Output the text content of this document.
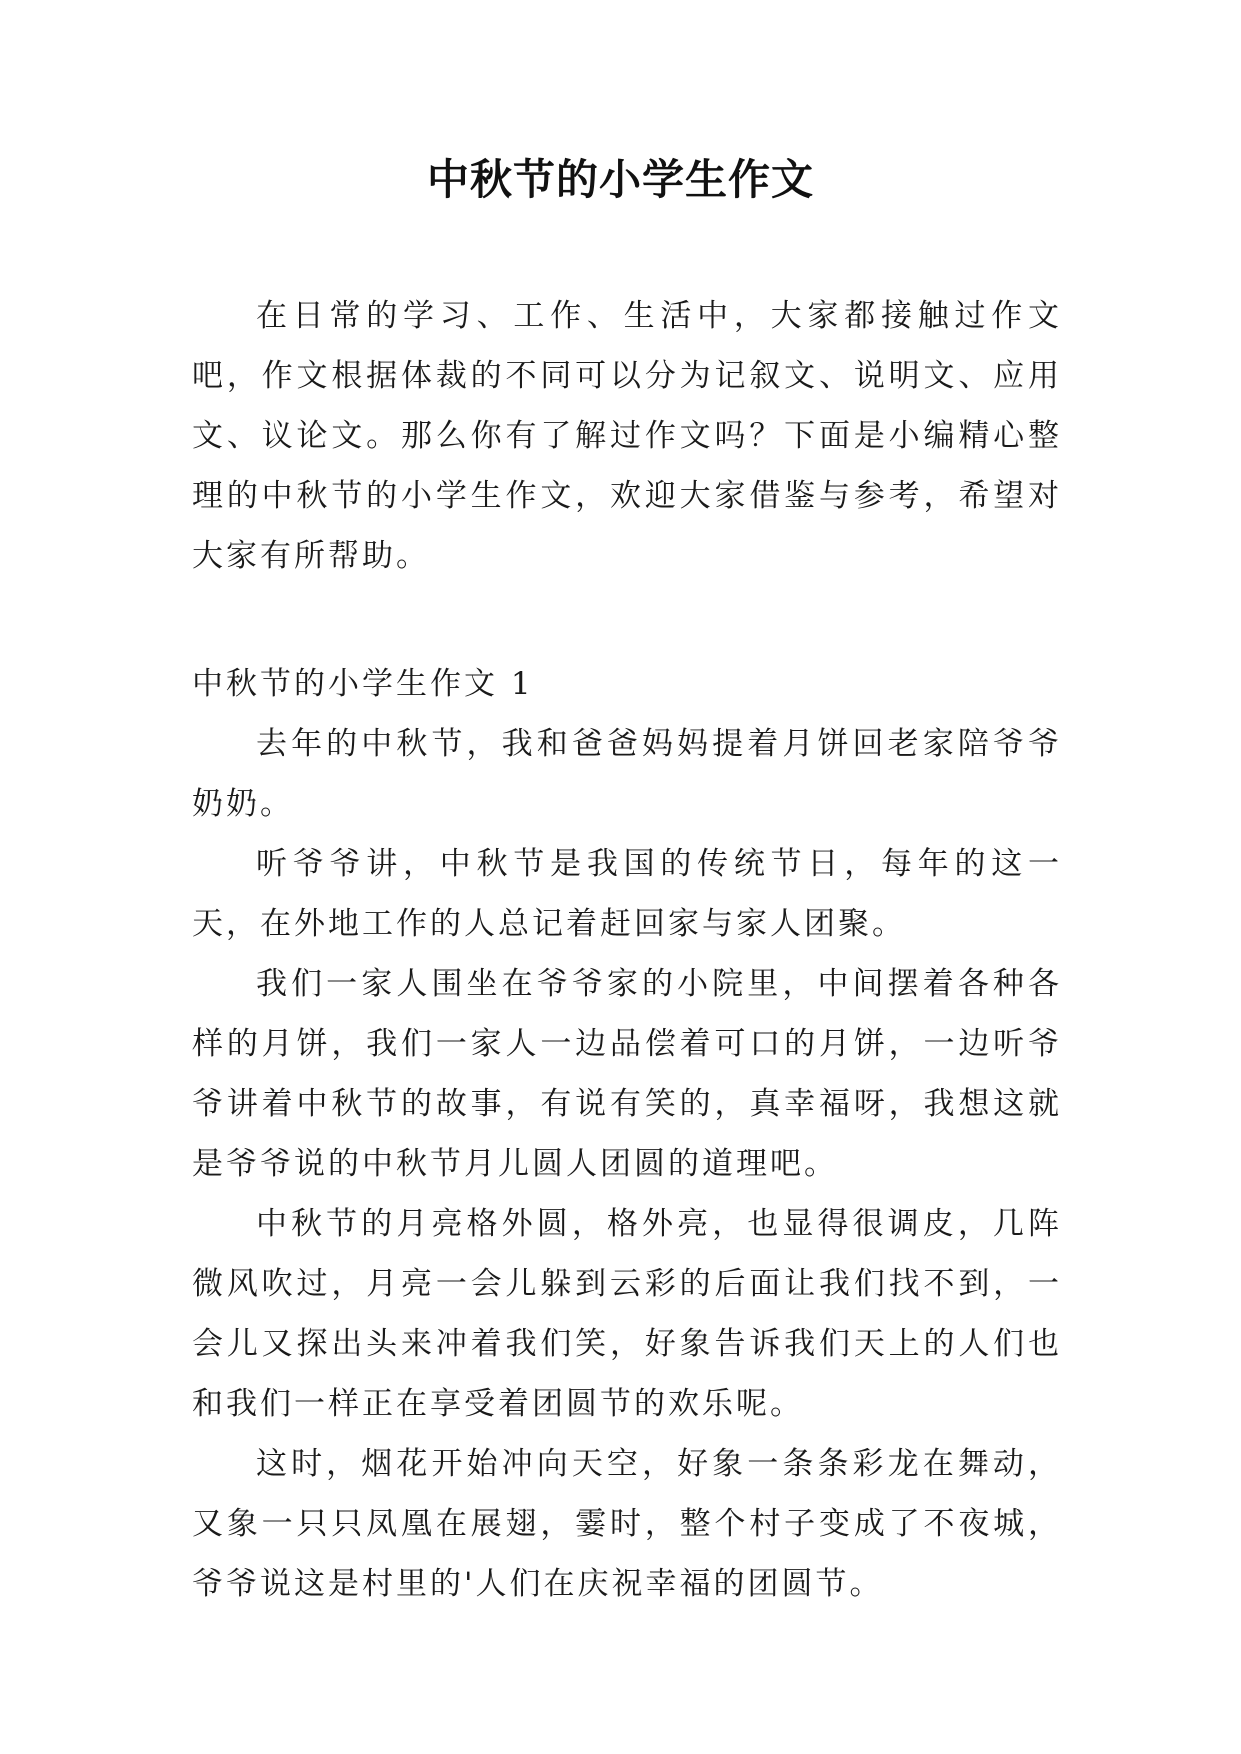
中秋节的小学生作文

在日常的学习、工作、生活中，大家都接触过作文吧，作文根据体裁的不同可以分为记叙文、说明文、应用文、议论文。那么你有了解过作文吗？下面是小编精心整理的中秋节的小学生作文，欢迎大家借鉴与参考，希望对大家有所帮助。

中秋节的小学生作文 1

去年的中秋节，我和爸爸妈妈提着月饼回老家陪爷爷奶奶。

听爷爷讲，中秋节是我国的传统节日，每年的这一天，在外地工作的人总记着赶回家与家人团聚。

我们一家人围坐在爷爷家的小院里，中间摆着各种各样的月饼，我们一家人一边品偿着可口的月饼，一边听爷爷讲着中秋节的故事，有说有笑的，真幸福呀，我想这就是爷爷说的中秋节月儿圆人团圆的道理吧。

中秋节的月亮格外圆，格外亮，也显得很调皮，几阵微风吹过，月亮一会儿躲到云彩的后面让我们找不到，一会儿又探出头来冲着我们笑，好象告诉我们天上的人们也和我们一样正在享受着团圆节的欢乐呢。

这时，烟花开始冲向天空，好象一条条彩龙在舞动，又象一只只凤凰在展翅，霎时，整个村子变成了不夜城，爷爷说这是村里的'人们在庆祝幸福的团圆节。
